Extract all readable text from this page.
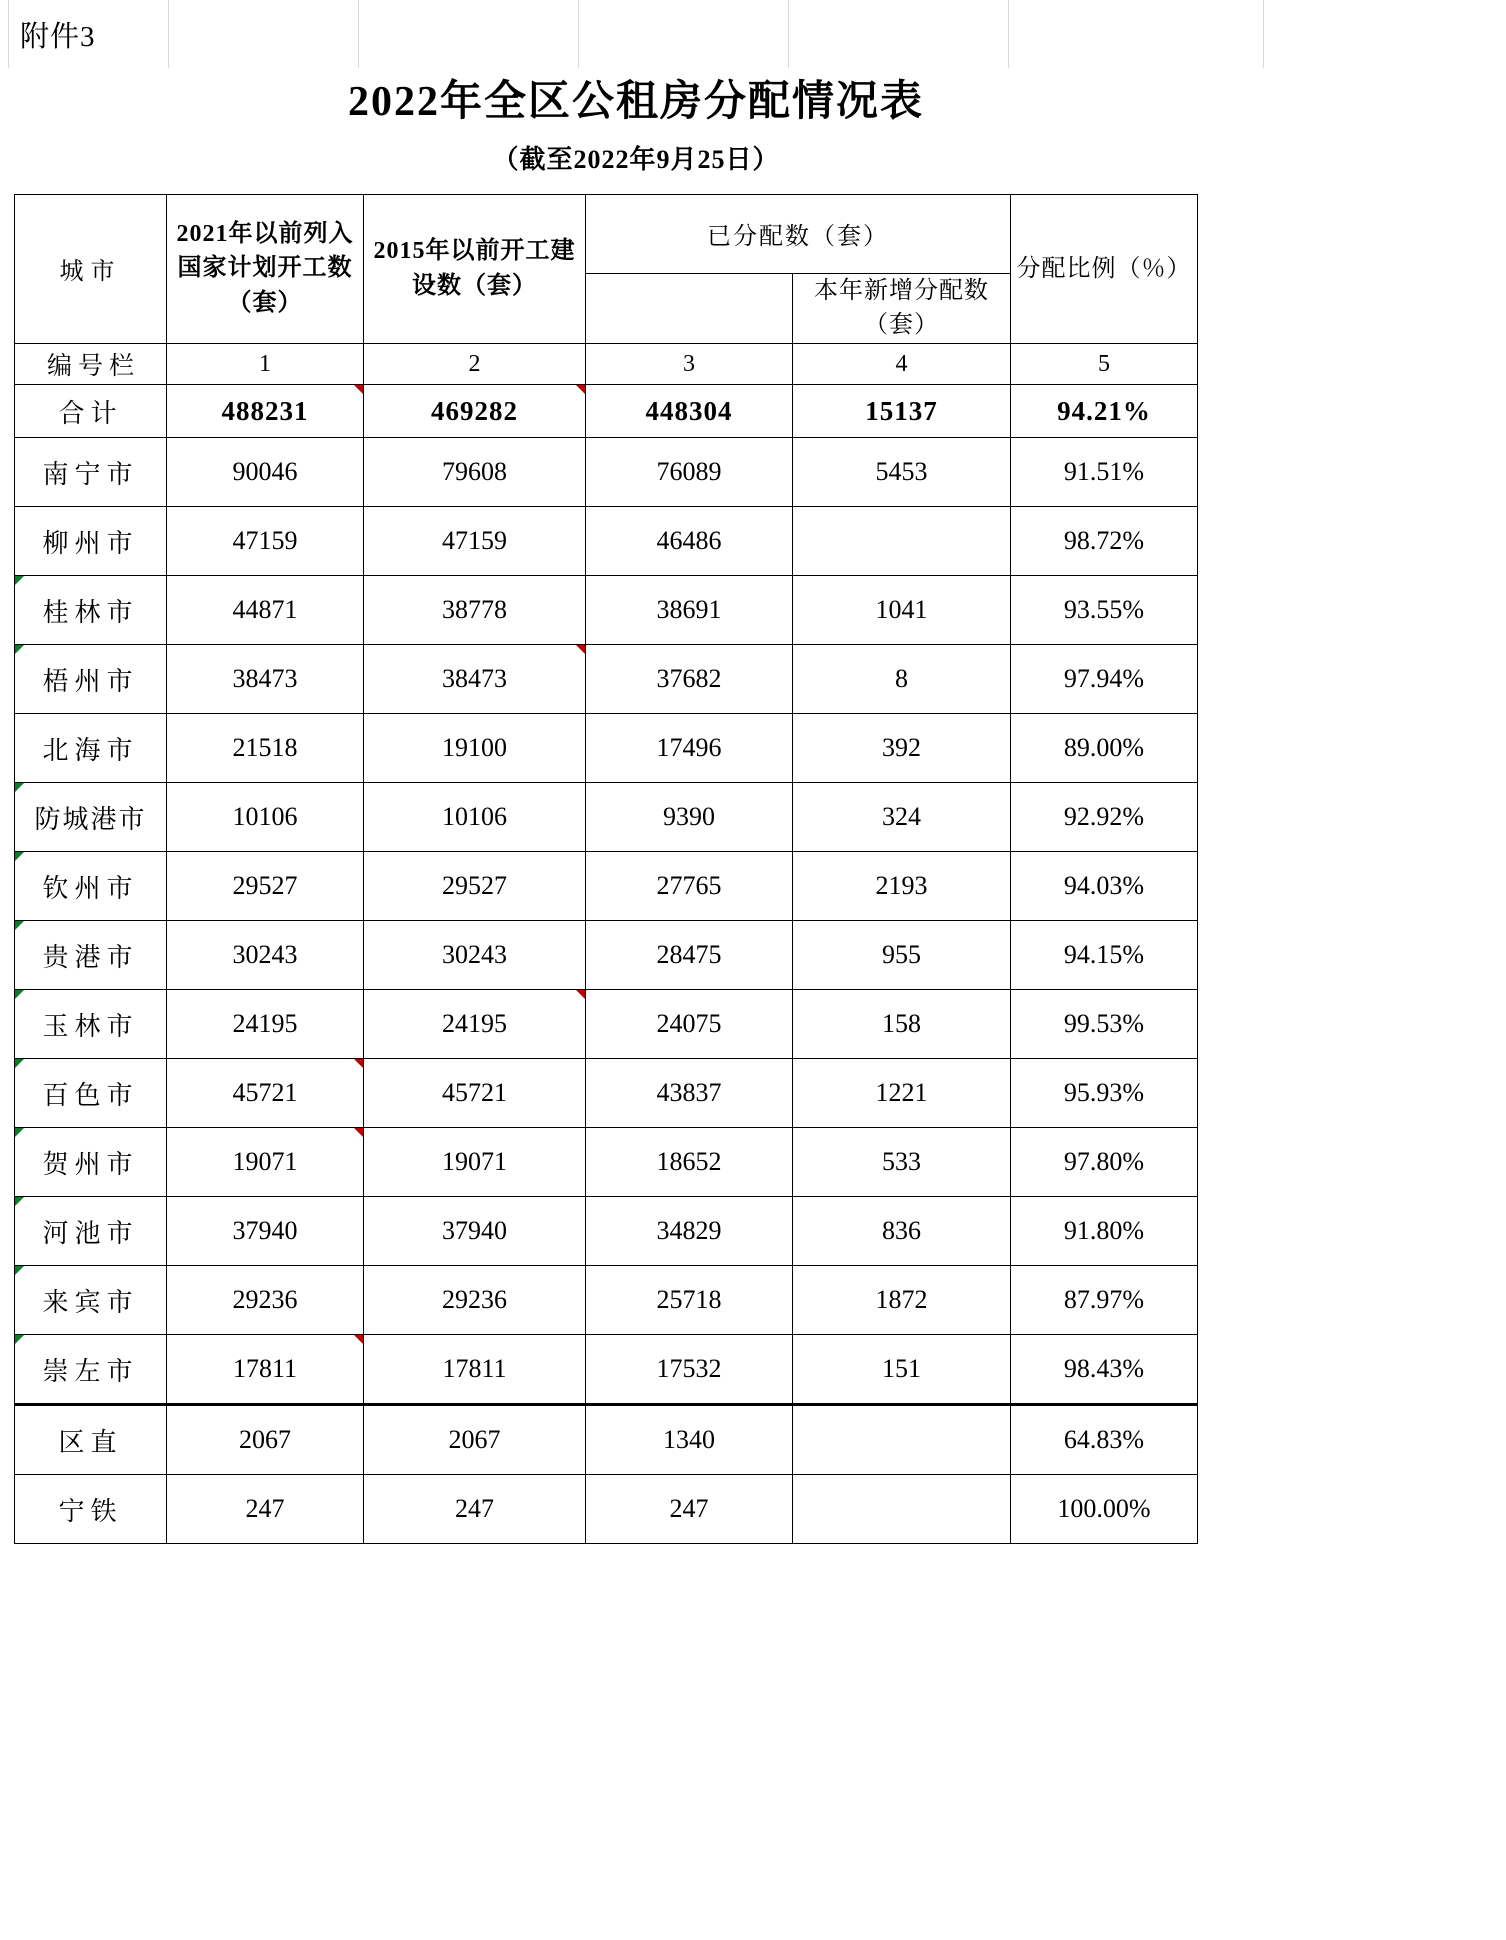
附件3
2022年全区公租房分配情况表
（截至2022年9月25日）
城市	2021年以前列入国家计划开工数（套）	2015年以前开工建设数（套）	已分配数（套）		分配比例（％）
				本年新增分配数（套）	

编号栏	1	2	3	4	5
合计	488231	469282	448304	15137	94.21%
南宁市	90046	79608	76089	5453	91.51%
柳州市	47159	47159	46486		98.72%
桂林市	44871	38778	38691	1041	93.55%
梧州市	38473	38473	37682	8	97.94%
北海市	21518	19100	17496	392	89.00%
防城港市	10106	10106	9390	324	92.92%
钦州市	29527	29527	27765	2193	94.03%
贵港市	30243	30243	28475	955	94.15%
玉林市	24195	24195	24075	158	99.53%
百色市	45721	45721	43837	1221	95.93%
贺州市	19071	19071	18652	533	97.80%
河池市	37940	37940	34829	836	91.80%
来宾市	29236	29236	25718	1872	87.97%
崇左市	17811	17811	17532	151	98.43%
区直	2067	2067	1340		64.83%
宁铁	247	247	247		100.00%
